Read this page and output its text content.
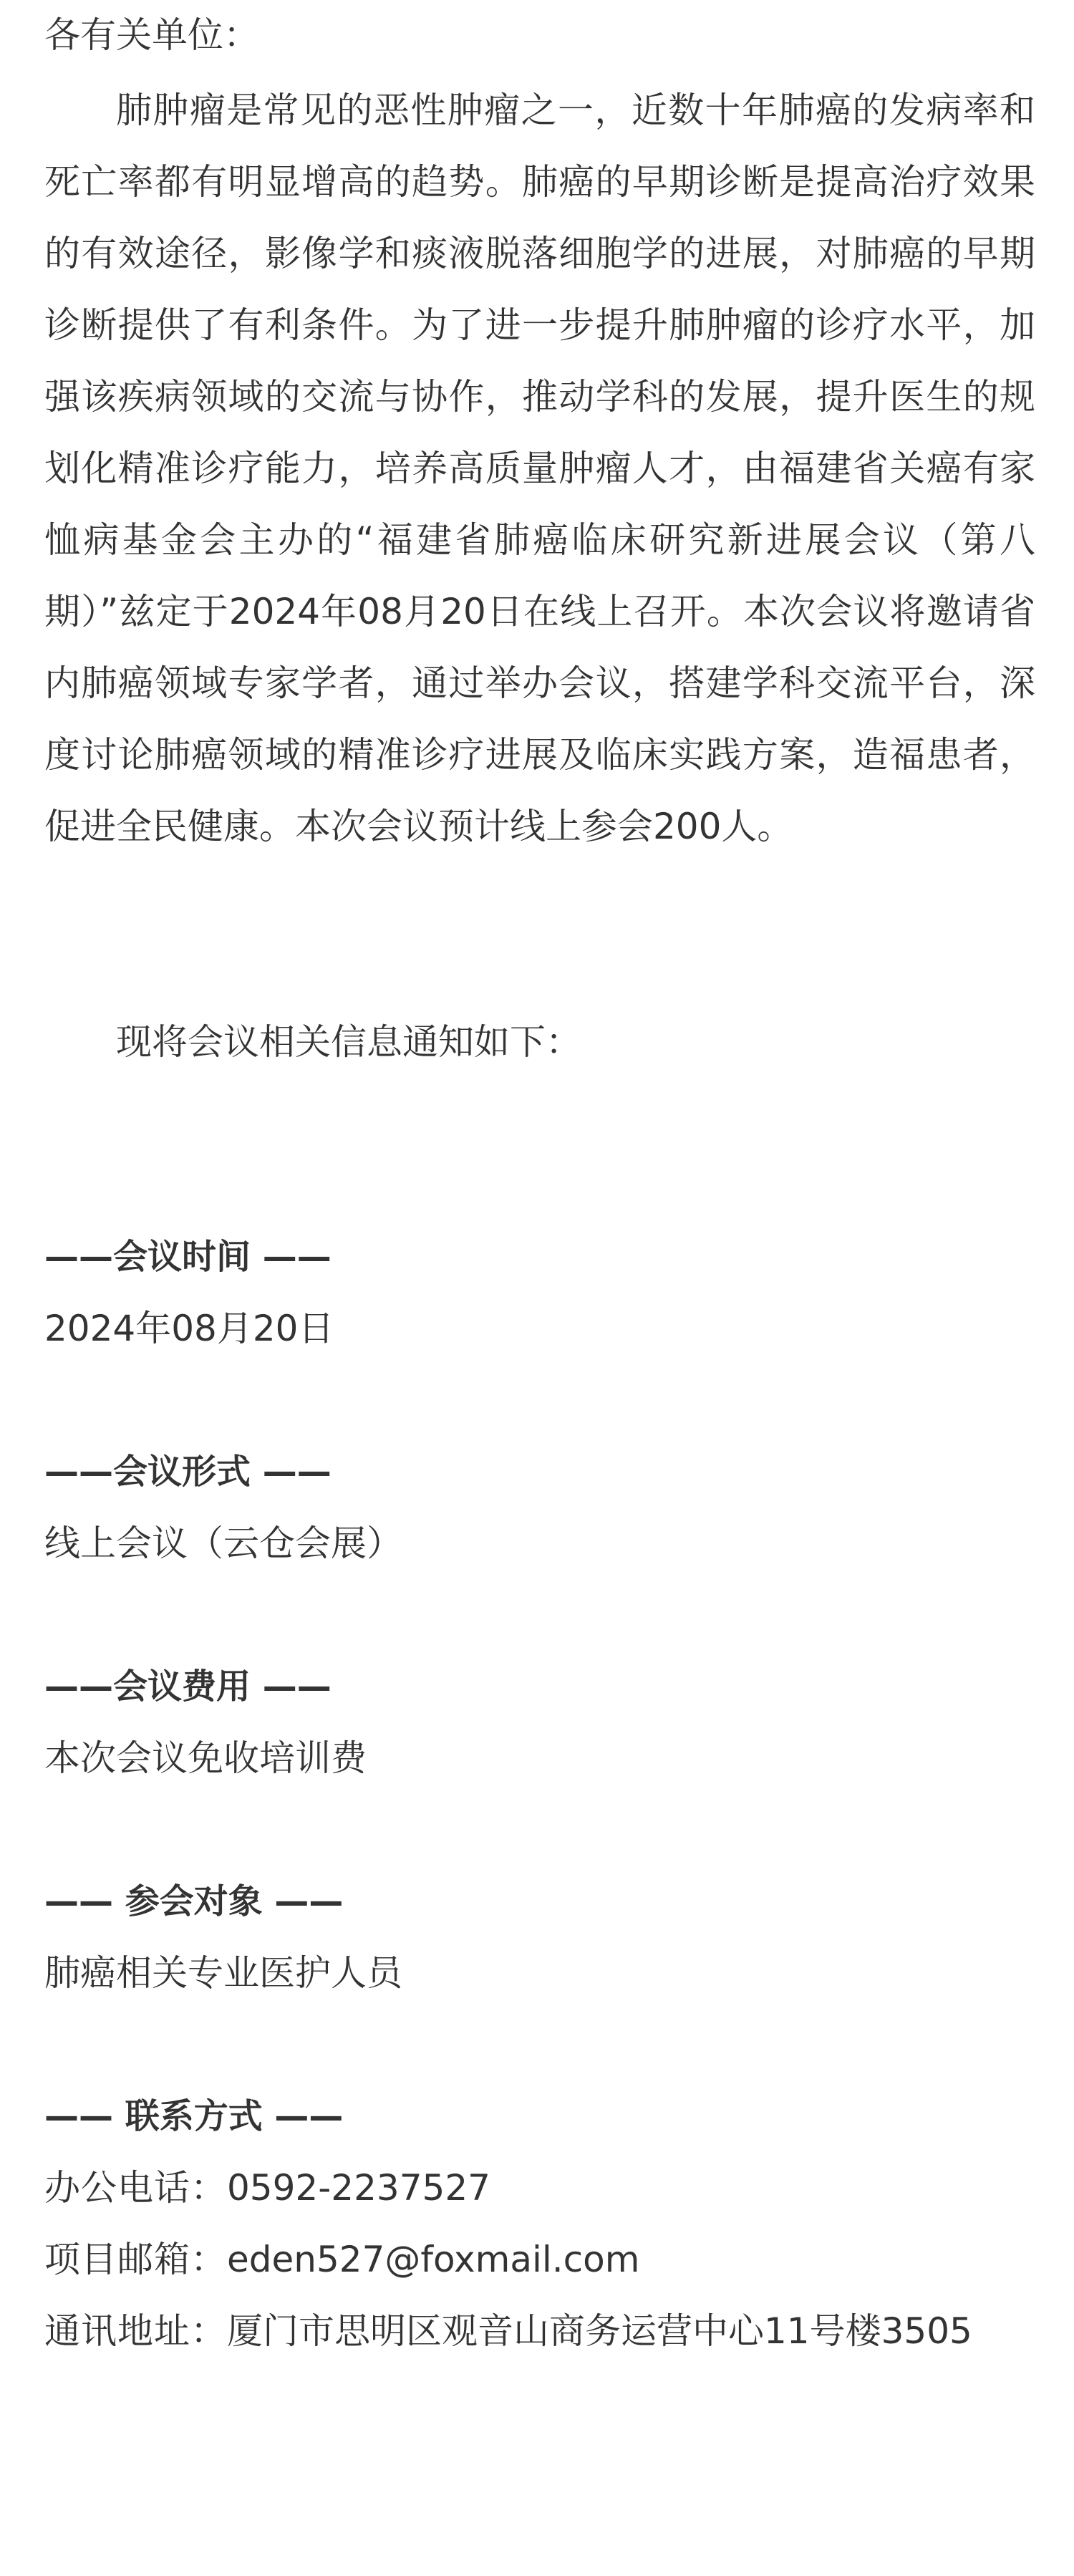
各有关单位：

肺肿瘤是常见的恶性肿瘤之一，近数十年肺癌的发病率和死亡率都有明显增高的趋势。肺癌的早期诊断是提高治疗效果的有效途径，影像学和痰液脱落细胞学的进展，对肺癌的早期诊断提供了有利条件。为了进一步提升肺肿瘤的诊疗水平，加强该疾病领域的交流与协作，推动学科的发展，提升医生的规划化精准诊疗能力，培养高质量肿瘤人才，由福建省关癌有家恤病基金会主办的“福建省肺癌临床研究新进展会议（第八期）”兹定于2024年08月20日在线上召开。本次会议将邀请省内肺癌领域专家学者，通过举办会议，搭建学科交流平台，深度讨论肺癌领域的精准诊疗进展及临床实践方案，造福患者，促进全民健康。本次会议预计线上参会200人。

现将会议相关信息通知如下：

——会议时间 ——
2024年08月20日
——会议形式 ——
线上会议（云仓会展）
——会议费用 ——
本次会议免收培训费
—— 参会对象 ——
肺癌相关专业医护人员
—— 联系方式 ——
办公电话：0592-2237527
项目邮箱：eden527@foxmail.com
通讯地址：厦门市思明区观音山商务运营中心11号楼3505
